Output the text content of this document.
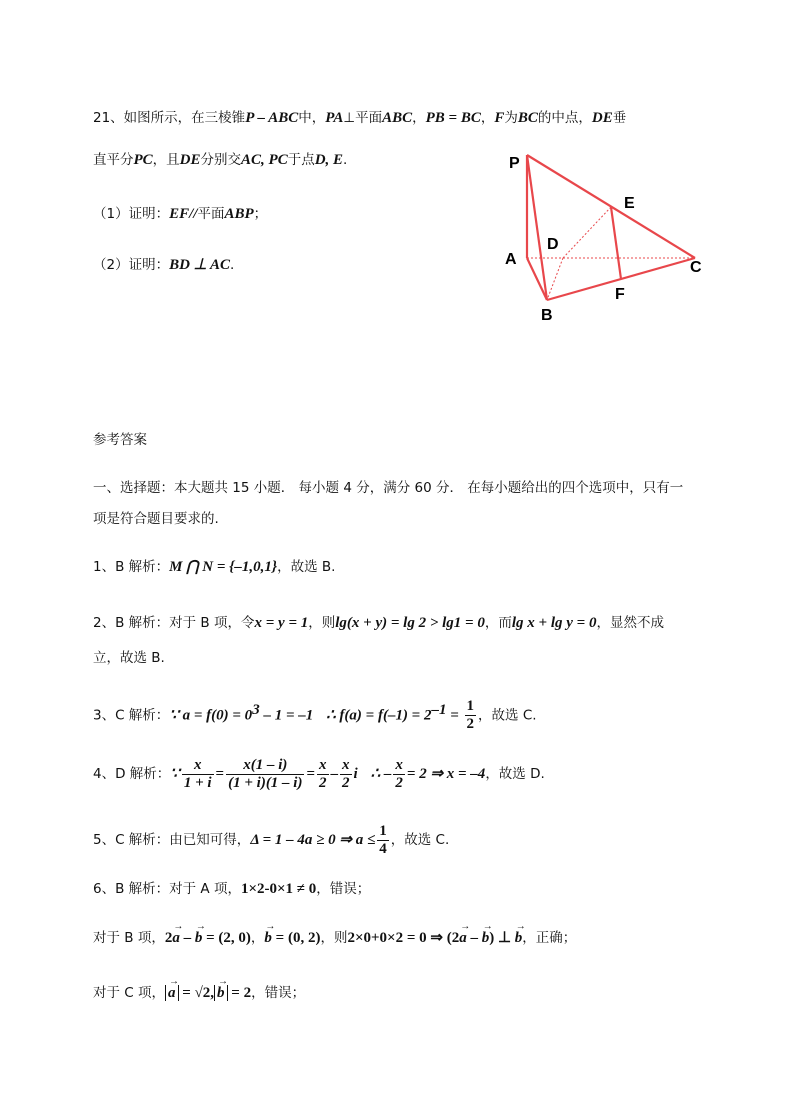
21、如图所示，在三棱锥P – ABC中，PA⊥平面ABC，PB = BC，F为BC的中点，DE垂
直平分PC，且DE分别交AC, PC于点D, E.
（1）证明：EF//平面ABP；
（2）证明：BD ⊥ AC.
P
A
B
C
D
E
F
参考答案
一、选择题：本大题共 15 小题． 每小题 4 分，满分 60 分． 在每小题给出的四个选项中，只有一
项是符合题目要求的.
1、B 解析：M ⋂ N = {–1,0,1}，故选 B.
2、B 解析：对于 B 项，令x = y = 1，则lg(x + y) = lg 2 > lg1 = 0，而lg x + lg y = 0，显然不成
立，故选 B.
3、C 解析：∵ $a = f(0) = 0^3 - 1 = -1$ ∴ $f(a) = f(-1) = 2^{-1} = \frac{1}{2}$ ，故选 C.
4、D 解析：∵ $\frac{x}{1 + i} = \frac{x(1 - i)}{(1 + i)(1 - i)} = \frac{x}{2} - \frac{x}{2}$ i ∴ – $\frac{x}{2} = 2$ ⇒ x = –4，故选 D.
5、C 解析：由已知可得，Δ = 1 – 4a ≥ 0 ⇒ $a \le \frac{1}{4}$ ，故选 C.
6、B 解析：对于 A 项，1×2-0×1 ≠ 0，错误；
对于 B 项，2→ a – → b = (2, 0)，→ b = (0, 2)，则2×0+0×2 = 0 ⇒ (2→ a – → b) ⊥ → b，正确；
对于 C 项， → a = √2, → b = 2，错误；
